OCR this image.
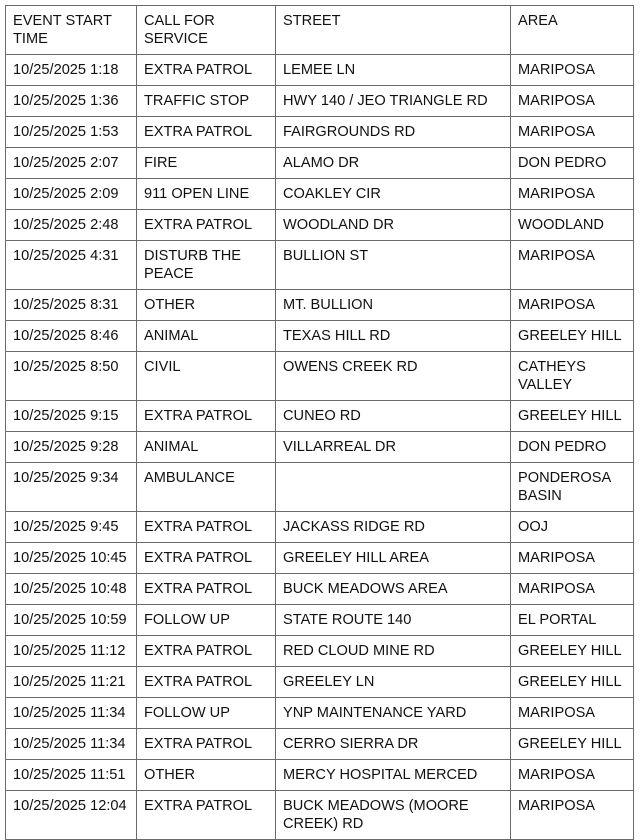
EVENT START TIME	CALL FOR SERVICE	STREET	AREA

10/25/2025 1:18	EXTRA PATROL	LEMEE LN	MARIPOSA

10/25/2025 1:36	TRAFFIC STOP	HWY 140 / JEO TRIANGLE RD	MARIPOSA

10/25/2025 1:53	EXTRA PATROL	FAIRGROUNDS RD	MARIPOSA

10/25/2025 2:07	FIRE	ALAMO DR	DON PEDRO

10/25/2025 2:09	911 OPEN LINE	COAKLEY CIR	MARIPOSA

10/25/2025 2:48	EXTRA PATROL	WOODLAND DR	WOODLAND

10/25/2025 4:31	DISTURB THE PEACE	BULLION ST	MARIPOSA

10/25/2025 8:31	OTHER	MT. BULLION	MARIPOSA

10/25/2025 8:46	ANIMAL	TEXAS HILL RD	GREELEY HILL

10/25/2025 8:50	CIVIL	OWENS CREEK RD	CATHEYS VALLEY

10/25/2025 9:15	EXTRA PATROL	CUNEO RD	GREELEY HILL

10/25/2025 9:28	ANIMAL	VILLARREAL DR	DON PEDRO

10/25/2025 9:34	AMBULANCE		PONDEROSA BASIN

10/25/2025 9:45	EXTRA PATROL	JACKASS RIDGE RD	OOJ

10/25/2025 10:45	EXTRA PATROL	GREELEY HILL AREA	MARIPOSA

10/25/2025 10:48	EXTRA PATROL	BUCK MEADOWS AREA	MARIPOSA

10/25/2025 10:59	FOLLOW UP	STATE ROUTE 140	EL PORTAL

10/25/2025 11:12	EXTRA PATROL	RED CLOUD MINE RD	GREELEY HILL

10/25/2025 11:21	EXTRA PATROL	GREELEY LN	GREELEY HILL

10/25/2025 11:34	FOLLOW UP	YNP MAINTENANCE YARD	MARIPOSA

10/25/2025 11:34	EXTRA PATROL	CERRO SIERRA DR	GREELEY HILL

10/25/2025 11:51	OTHER	MERCY HOSPITAL MERCED	MARIPOSA

10/25/2025 12:04	EXTRA PATROL	BUCK MEADOWS (MOORE CREEK) RD	MARIPOSA
